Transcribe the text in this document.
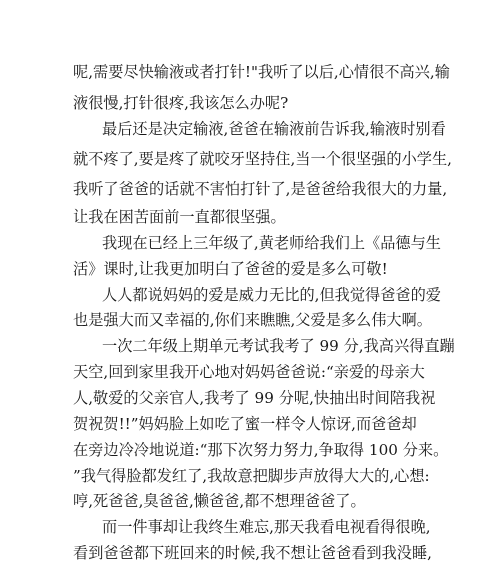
呢,需要尽快输液或者打针!"我听了以后,心情很不高兴,输
液很慢,打针很疼,我该怎么办呢?
最后还是决定输液,爸爸在输液前告诉我,输液时别看
就不疼了,要是疼了就咬牙坚持住,当一个很坚强的小学生,
我听了爸爸的话就不害怕打针了,是爸爸给我很大的力量,
让我在困苦面前一直都很坚强。
我现在已经上三年级了,黄老师给我们上《品德与生
活》课时,让我更加明白了爸爸的爱是多么可敬!
人人都说妈妈的爱是威力无比的,但我觉得爸爸的爱
也是强大而又幸福的,你们来瞧瞧,父爱是多么伟大啊。
一次二年级上期单元考试我考了 99 分,我高兴得直蹦
天空,回到家里我开心地对妈妈爸爸说:“亲爱的母亲大
人,敬爱的父亲官人,我考了 99 分呢,快抽出时间陪我祝
贺祝贺!!”妈妈脸上如吃了蜜一样令人惊讶,而爸爸却
在旁边冷冷地说道:“那下次努力努力,争取得 100 分来。
”我气得脸都发红了,我故意把脚步声放得大大的,心想:
哼,死爸爸,臭爸爸,懒爸爸,都不想理爸爸了。
而一件事却让我终生难忘,那天我看电视看得很晚,
看到爸爸都下班回来的时候,我不想让爸爸看到我没睡,
